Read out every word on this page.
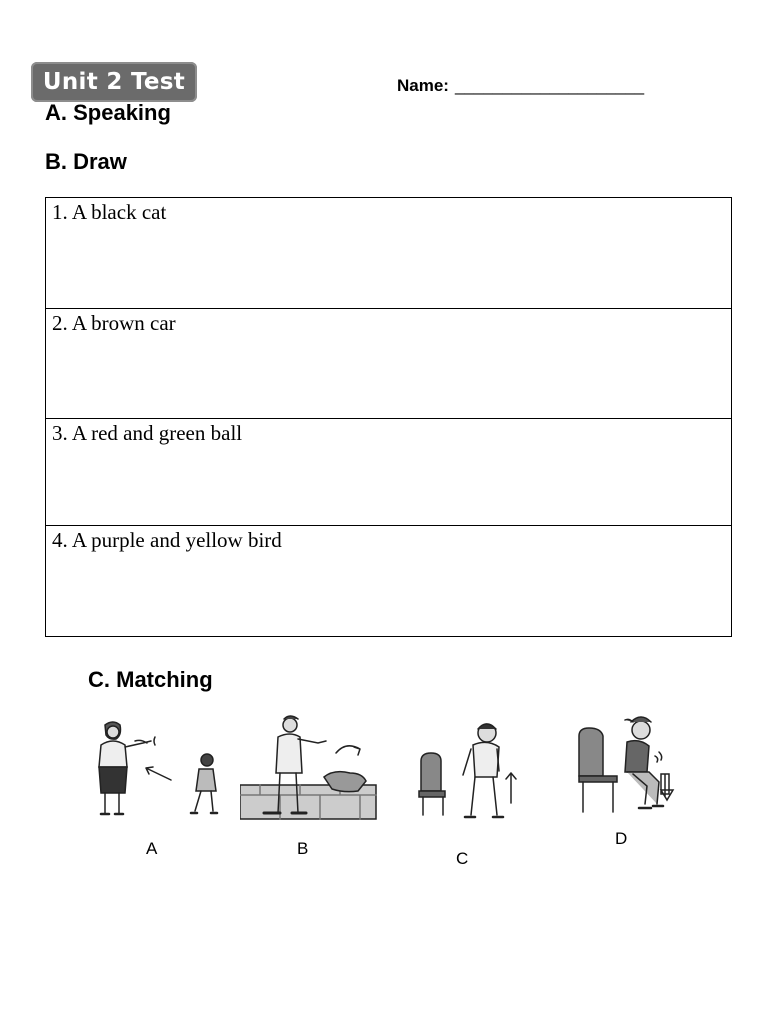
Unit 2 Test	Name: ____________________
A. Speaking
B. Draw
1. A black cat
2. A brown car
3. A red and green ball
4. A purple and yellow bird
C. Matching
A	B
C
D
